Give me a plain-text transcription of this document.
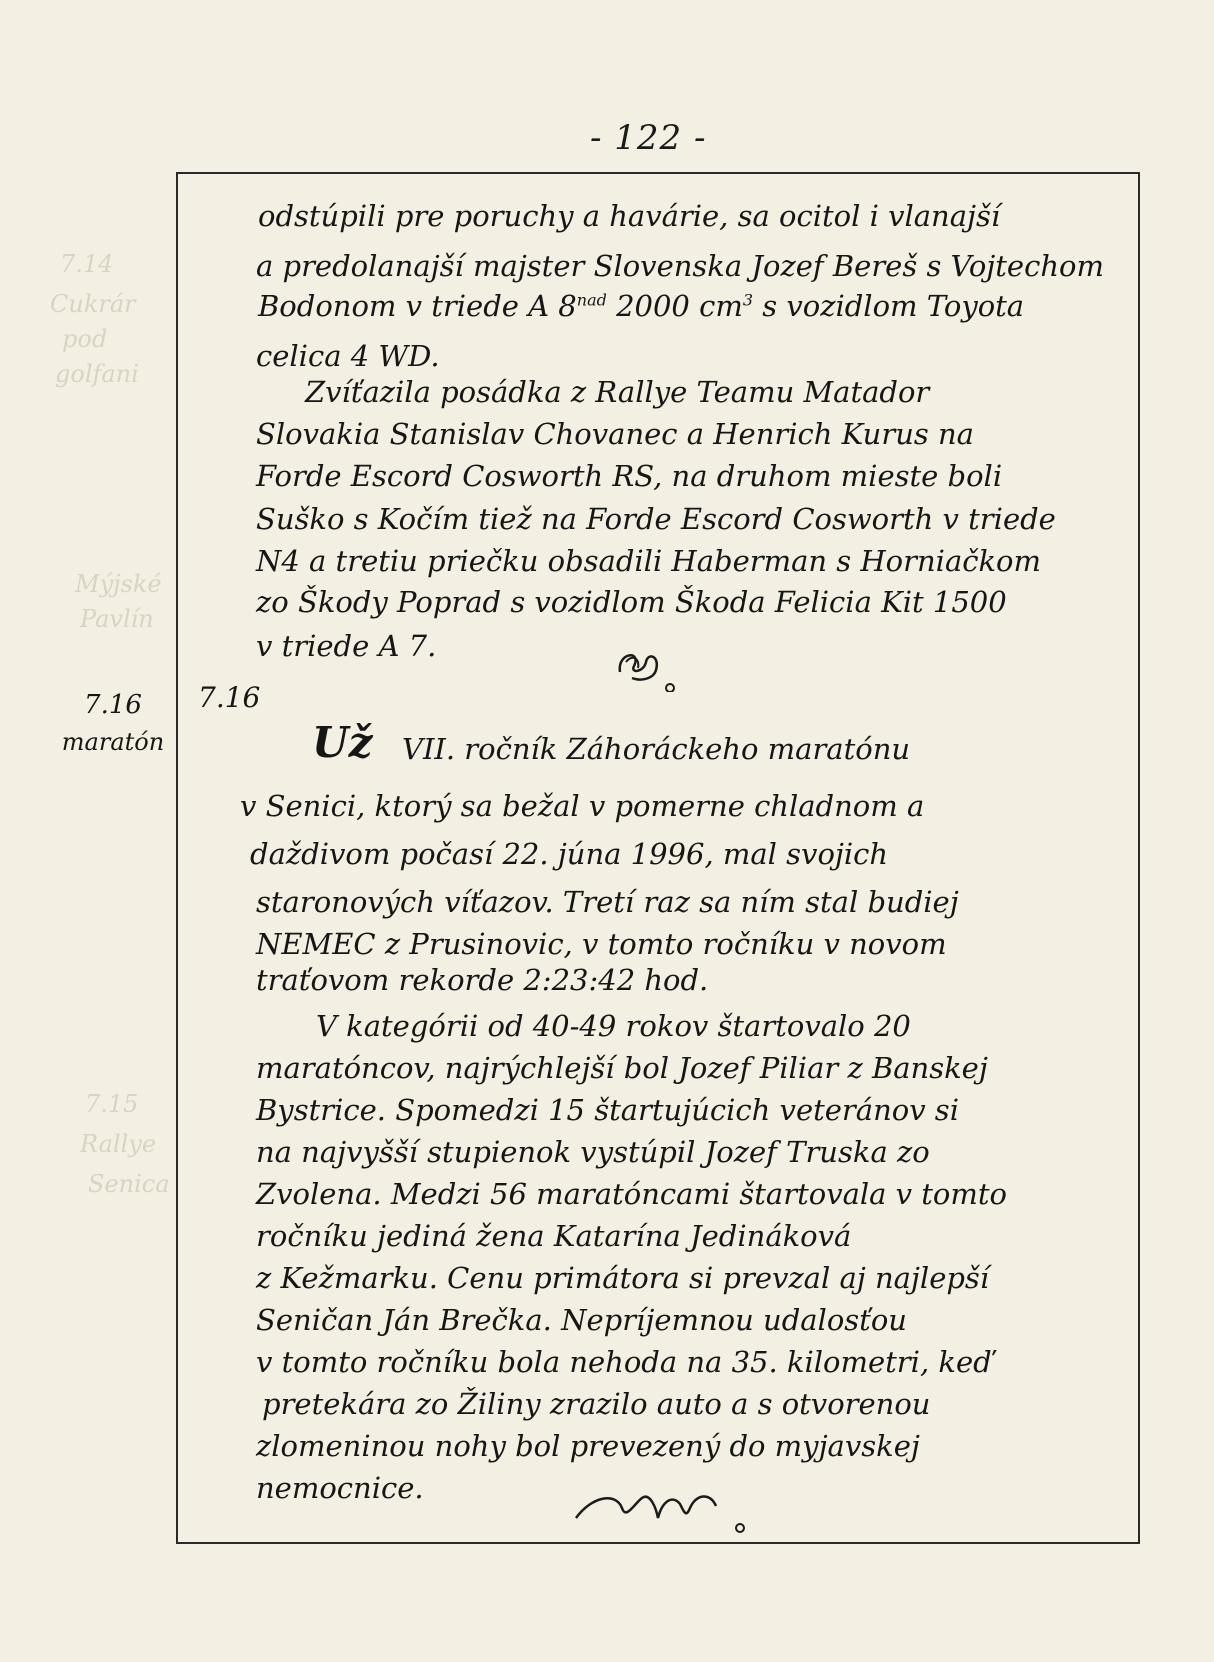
- 122 -
7.14
Cukrár
pod
golfani
Mýjské
Pavlín
7.15
Rallye
Senica
7.16
maratón
odstúpili pre poruchy a havárie, sa ocitol i vlanajší
a predolanajší majster Slovenska Jozef Bereš s Vojtechom
Bodonom v triede A $8^{nad}$ 2000 $cm^3$ s vozidlom Toyota
celica 4 WD.
Zvíťazila posádka z Rallye Teamu Matador
Slovakia Stanislav Chovanec a Henrich Kurus na
Forde Escord Cosworth RS, na druhom mieste boli
Suško s Kočím tiež na Forde Escord Cosworth v triede
N4 a tretiu priečku obsadili Haberman s Horniačkom
zo Škody Poprad s vozidlom Škoda Felicia Kit 1500
v triede A 7.
7.16
Už VII. ročník Záhoráckeho maratónu
v Senici, ktorý sa bežal v pomerne chladnom a
daždivom počasí 22. júna 1996, mal svojich
staronových víťazov. Tretí raz sa ním stal budiej
NEMEC z Prusinovic, v tomto ročníku v novom
traťovom rekorde 2:23:42 hod.
V kategórii od 40-49 rokov štartovalo 20
maratóncov, najrýchlejší bol Jozef Piliar z Banskej
Bystrice. Spomedzi 15 štartujúcich veteránov si
na najvyšší stupienok vystúpil Jozef Truska zo
Zvolena. Medzi 56 maratóncami štartovala v tomto
ročníku jediná žena Katarína Jedináková
z Kežmarku. Cenu primátora si prevzal aj najlepší
Seničan Ján Brečka. Nepríjemnou udalosťou
v tomto ročníku bola nehoda na 35. kilometri, keď
pretekára zo Žiliny zrazilo auto a s otvorenou
zlomeninou nohy bol prevezený do myjavskej
nemocnice.
